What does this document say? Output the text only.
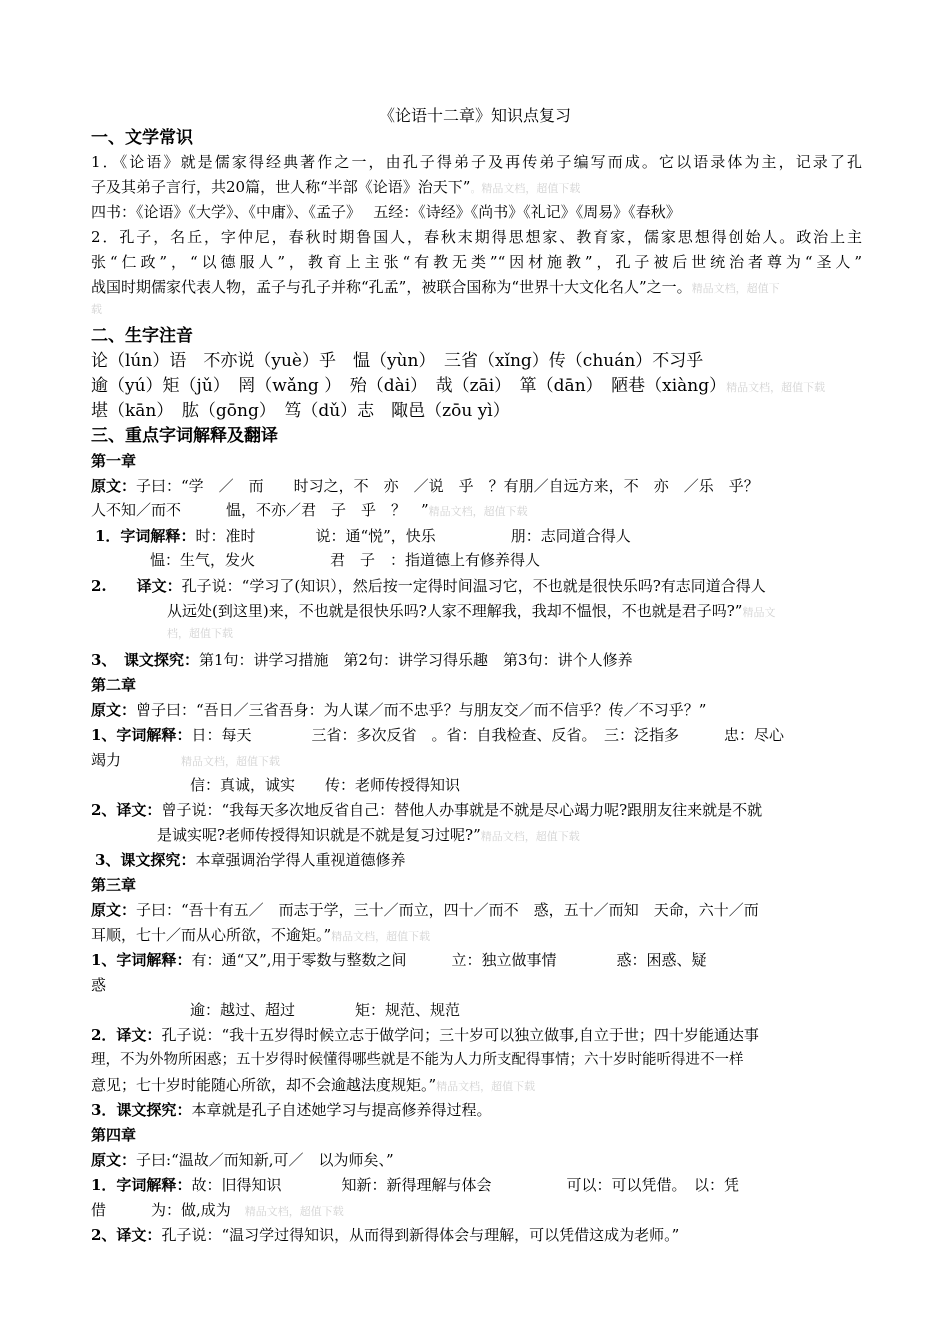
《论语十二章》知识点复习
一、文学常识
1．《论语》就是儒家得经典著作之一，由孔子得弟子及再传弟子编写而成。它以语录体为主，记录了孔
子及其弟子言行，共20篇，世人称“半部《论语》治天下”。精品文档，超值下载
四书：《论语》《大学》、《中庸》、《孟子》　 五经：《诗经》《尚书》《礼记》《周易》《春秋》
2．孔子，名丘，字仲尼，春秋时期鲁国人，春秋末期得思想家、教育家，儒家思想得创始人。政治上主
张“仁政”，“以德服人”，教育上主张“有教无类”“因材施教”，孔子被后世统治者尊为“圣人”
战国时期儒家代表人物，孟子与孔子并称“孔孟”，被联合国称为“世界十大文化名人”之一。精品文档，超值下
载
二、生字注音
论（lún）语　不亦说（yuè）乎　愠（yùn）　三省（xǐng）传（chuán）不习乎
逾（yú）矩（jǔ）　罔（wǎng ）　殆（dài）　哉（zāi）　箪（dān）　陋巷（xiàng）精品文档，超值下载
堪（kān）　肱（gōng）　笃（dǔ）志　陬邑（zōu yì）
三、重点字词解释及翻译
第一章
原文：子曰：“学　／　而　　时习之，不　亦　／说　乎　？有朋／自远方来，不　亦　／乐　乎？
人不知／而不　　　愠，不亦／君　子　乎　？　”精品文档，超值下载
1．字词解释：时：准时　　　　说：通“悦”，快乐　　　　　朋：志同道合得人
愠：生气，发火　　　　　君　子　：指道德上有修养得人
2.　　译文：孔子说：“学习了(知识），然后按一定得时间温习它，不也就是很快乐吗?有志同道合得人
从远处(到这里)来，不也就是很快乐吗?人家不理解我，我却不愠恨，不也就是君子吗?”精品文
档，超值下载
3、　课文探究：第1句：讲学习措施　第2句：讲学习得乐趣　第3句：讲个人修养
第二章
原文：曾子曰：“吾日／三省吾身：为人谋／而不忠乎？与朋友交／而不信乎？传／不习乎？”
1、字词解释：日：每天　　　　三省：多次反省　。省：自我检查、反省。　三：泛指多　　　忠：尽心
竭力	精品文档，超值下载
信：真诚，诚实　　传：老师传授得知识
2、译文：曾子说：“我每天多次地反省自己：替他人办事就是不就是尽心竭力呢?跟朋友往来就是不就
是诚实呢?老师传授得知识就是不就是复习过呢?”精品文档，超值下载
3、课文探究：本章强调治学得人重视道德修养
第三章
原文：子曰：“吾十有五／　而志于学，三十／而立，四十／而不　惑，五十／而知　天命，六十／而
耳顺，七十／而从心所欲，不逾矩。”精品文档，超值下载
1、字词解释：有：通“又”,用于零数与整数之间　　　立：独立做事情　　　　惑：困惑、疑
惑
逾：越过、超过　　　　矩：规范、规范
2．译文：孔子说：“我十五岁得时候立志于做学问；三十岁可以独立做事,自立于世；四十岁能通达事
理，不为外物所困惑；五十岁得时候懂得哪些就是不能为人力所支配得事情；六十岁时能听得进不一样
意见；七十岁时能随心所欲，却不会逾越法度规矩。”精品文档，超值下载
3．课文探究：本章就是孔子自述她学习与提高修养得过程。
第四章
原文：子曰:“温故／而知新,可／　以为师矣、”
1．字词解释：故：旧得知识　　　　知新：新得理解与体会　　　　　可以：可以凭借。　以：凭
借　　　为：做,成为 精品文档，超值下载
2、译文：孔子说：“温习学过得知识，从而得到新得体会与理解，可以凭借这成为老师。”
